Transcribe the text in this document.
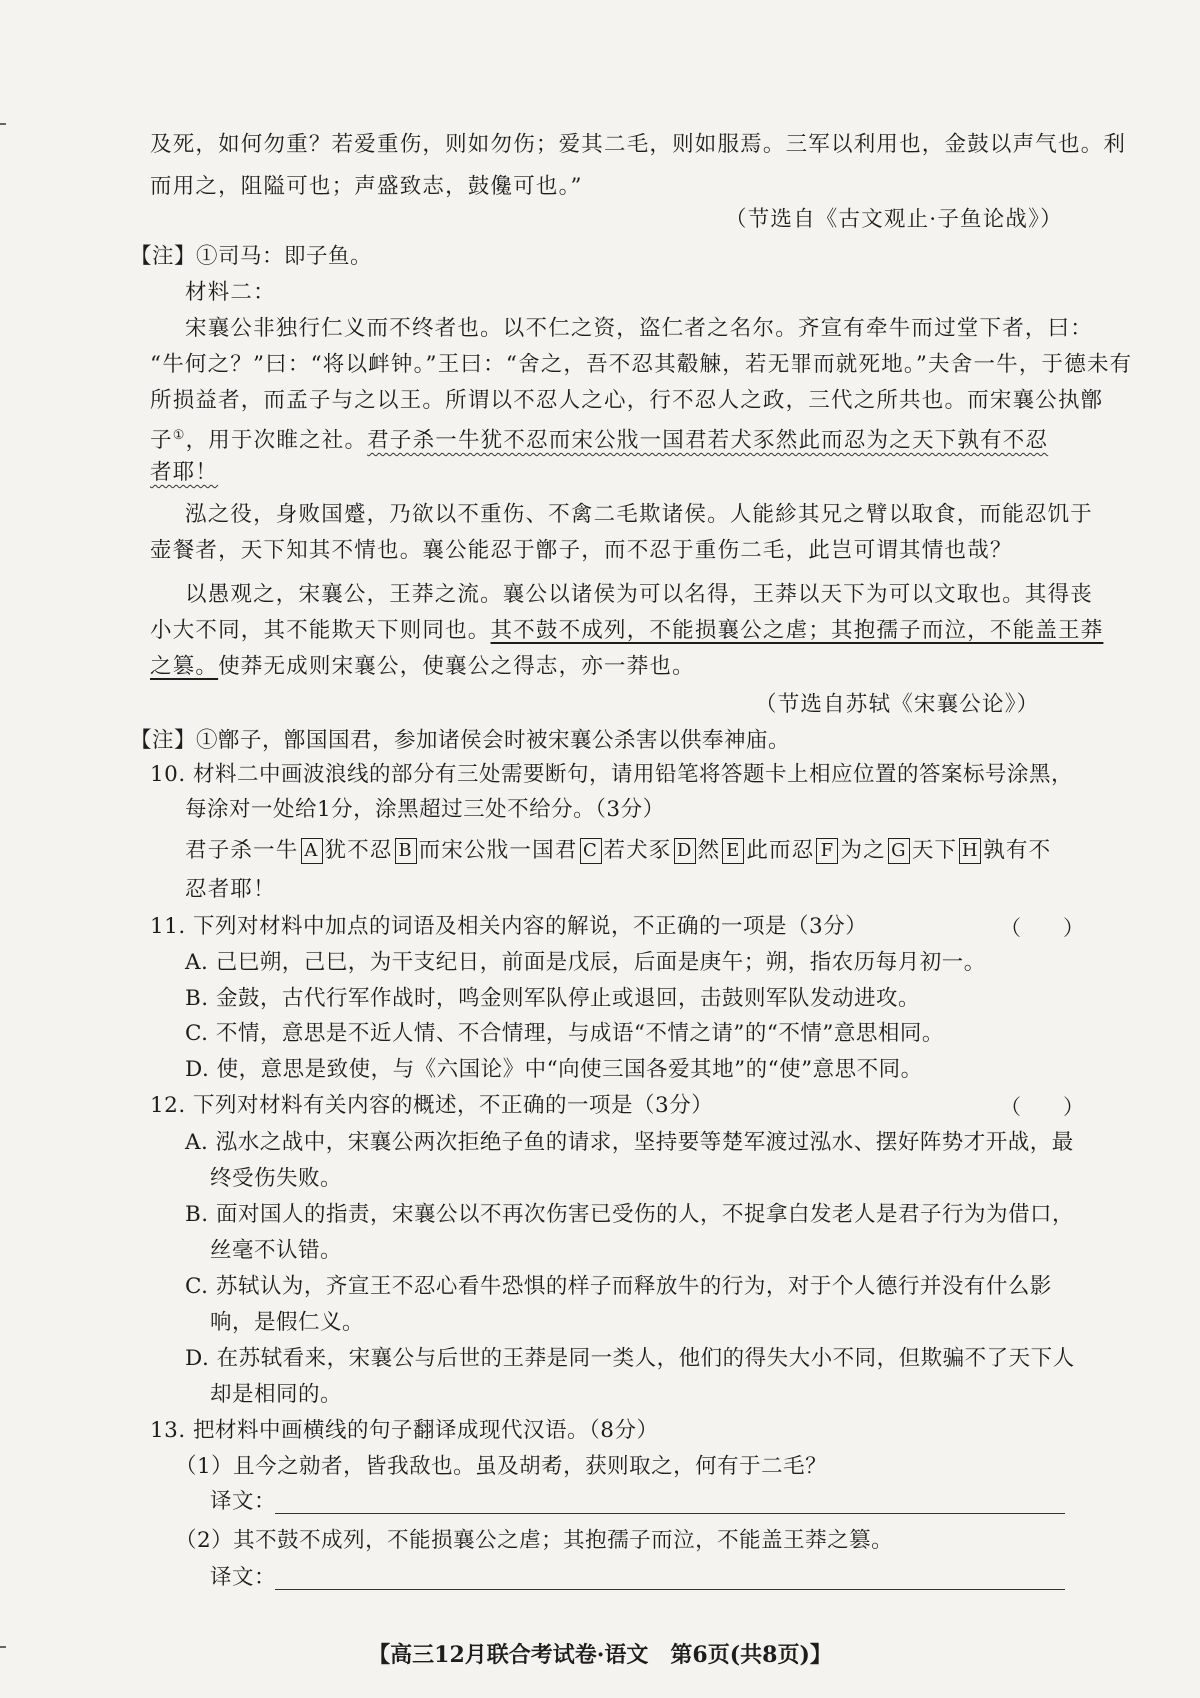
及死，如何勿重？若爱重伤，则如勿伤；爱其二毛，则如服焉。三军以利用也，金鼓以声气也。利
而用之，阻隘可也；声盛致志，鼓儳可也。”
（节选自《古文观止·子鱼论战》）
【注】①司马：即子鱼。
材料二：
宋襄公非独行仁义而不终者也。以不仁之资，盗仁者之名尔。齐宣有牵牛而过堂下者，曰：
“牛何之？”曰：“将以衅钟。”王曰：“舍之，吾不忍其觳觫，若无罪而就死地。”夫舍一牛，于德未有
所损益者，而孟子与之以王。所谓以不忍人之心，行不忍人之政，三代之所共也。而宋襄公执鄫
子①，用于次睢之社。君子杀一牛犹不忍而宋公戕一国君若犬豕然此而忍为之天下孰有不忍
者耶！
泓之役，身败国蹙，乃欲以不重伤、不禽二毛欺诸侯。人能紾其兄之臂以取食，而能忍饥于
壶餐者，天下知其不情也。襄公能忍于鄫子，而不忍于重伤二毛，此岂可谓其情也哉？
以愚观之，宋襄公，王莽之流。襄公以诸侯为可以名得，王莽以天下为可以文取也。其得丧
小大不同，其不能欺天下则同也。其不鼓不成列，不能损襄公之虐；其抱孺子而泣，不能盖王莽
之篡。使莽无成则宋襄公，使襄公之得志，亦一莽也。
（节选自苏轼《宋襄公论》）
【注】①鄫子，鄫国国君，参加诸侯会时被宋襄公杀害以供奉神庙。
10. 材料二中画波浪线的部分有三处需要断句，请用铅笔将答题卡上相应位置的答案标号涂黑，
每涂对一处给1分，涂黑超过三处不给分。（3分）
君子杀一牛 A 犹不忍 B 而宋公戕一国君 C 若犬豕 D 然 E 此而忍 F 为之 G 天下 H 孰有不
忍者耶！
11. 下列对材料中加点的词语及相关内容的解说，不正确的一项是（3分）	（　　）
A. 己巳朔，己巳，为干支纪日，前面是戊辰，后面是庚午；朔，指农历每月初一。
B. 金鼓，古代行军作战时，鸣金则军队停止或退回，击鼓则军队发动进攻。
C. 不情，意思是不近人情、不合情理，与成语“不情之请”的“不情”意思相同。
D. 使，意思是致使，与《六国论》中“向使三国各爱其地”的“使”意思不同。
12. 下列对材料有关内容的概述，不正确的一项是（3分）	（　　）
A. 泓水之战中，宋襄公两次拒绝子鱼的请求，坚持要等楚军渡过泓水、摆好阵势才开战，最
终受伤失败。
B. 面对国人的指责，宋襄公以不再次伤害已受伤的人，不捉拿白发老人是君子行为为借口，
丝毫不认错。
C. 苏轼认为，齐宣王不忍心看牛恐惧的样子而释放牛的行为，对于个人德行并没有什么影
响，是假仁义。
D. 在苏轼看来，宋襄公与后世的王莽是同一类人，他们的得失大小不同，但欺骗不了天下人
却是相同的。
13. 把材料中画横线的句子翻译成现代汉语。（8分）
（1）且今之勍者，皆我敌也。虽及胡耇，获则取之，何有于二毛？
译文：
（2）其不鼓不成列，不能损襄公之虐；其抱孺子而泣，不能盖王莽之篡。
译文：
【高三12月联合考试卷·语文　第6页(共8页)】
